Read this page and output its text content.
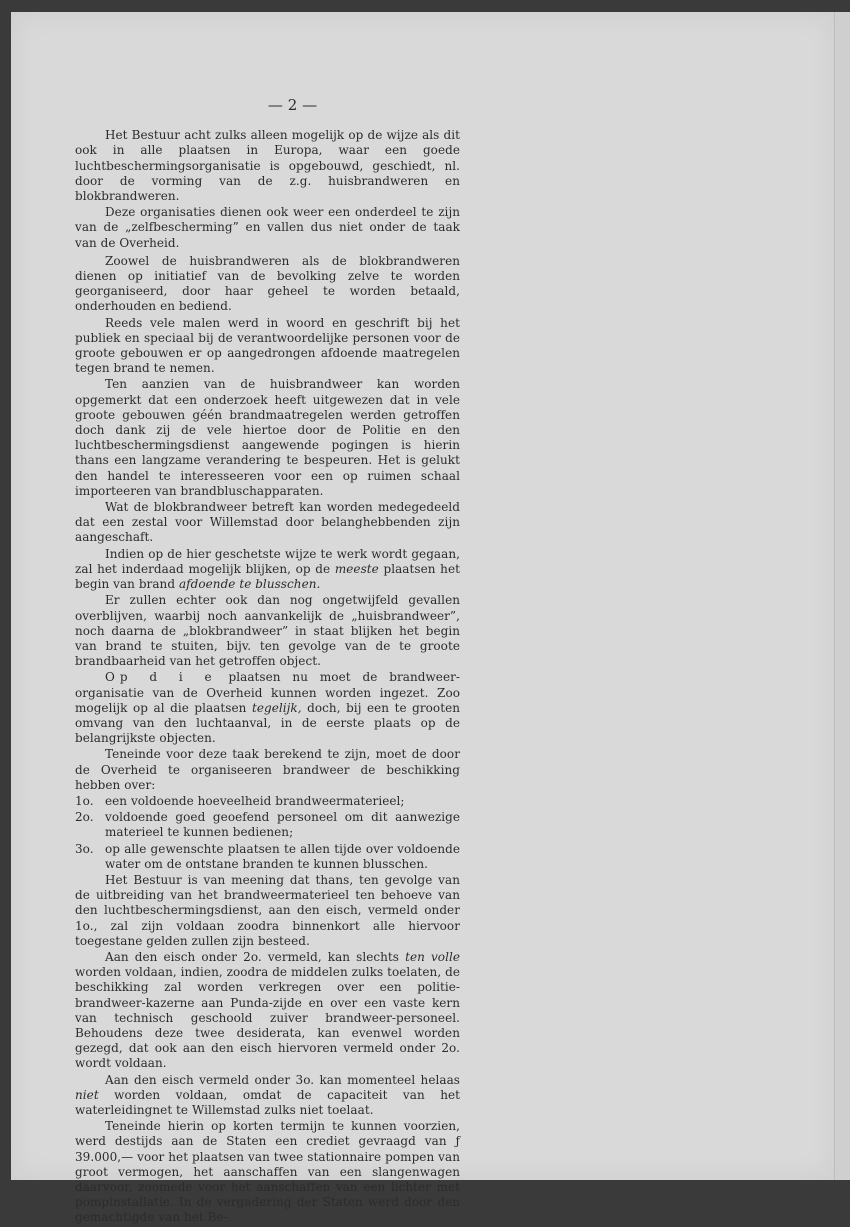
— 2 —

Het Bestuur acht zulks alleen mogelijk op de wijze als dit ook in alle plaatsen in Europa, waar een goede luchtbeschermingsorganisatie is opgebouwd, geschiedt, nl. door de vorming van de z.g. huisbrandweren en blokbrandweren.

Deze organisaties dienen ook weer een onderdeel te zijn van de „zelfbescherming” en vallen dus niet onder de taak van de Overheid.

Zoowel de huisbrandweren als de blokbrandweren dienen op initiatief van de bevolking zelve te worden georganiseerd, door haar geheel te worden betaald, onderhouden en bediend.

Reeds vele malen werd in woord en geschrift bij het publiek en speciaal bij de verantwoordelijke personen voor de groote gebouwen er op aangedrongen afdoende maatregelen tegen brand te nemen.

Ten aanzien van de huisbrandweer kan worden opgemerkt dat een onderzoek heeft uitgewezen dat in vele groote gebouwen géén brandmaatregelen werden getroffen doch dank zij de vele hiertoe door de Politie en den luchtbeschermingsdienst aangewende pogingen is hierin thans een langzame verandering te bespeuren. Het is gelukt den handel te interesseeren voor een op ruimen schaal importeeren van brandbluschapparaten.

Wat de blokbrandweer betreft kan worden medegedeeld dat een zestal voor Willemstad door belanghebbenden zijn aangeschaft.

Indien op de hier geschetste wijze te werk wordt gegaan, zal het inderdaad mogelijk blijken, op de meeste plaatsen het begin van brand afdoende te blusschen.

Er zullen echter ook dan nog ongetwijfeld gevallen overblijven, waarbij noch aanvankelijk de „huisbrandweer”, noch daarna de „blokbrandweer” in staat blijken het begin van brand te stuiten, bijv. ten gevolge van de te groote brandbaarheid van het getroffen object.

Op d i e plaatsen nu moet de brandweer-organisatie van de Overheid kunnen worden ingezet. Zoo mogelijk op al die plaatsen tegelijk, doch, bij een te grooten omvang van den luchtaanval, in de eerste plaats op de belangrijkste objecten.

Teneinde voor deze taak berekend te zijn, moet de door de Overheid te organiseeren brandweer de beschikking hebben over:

1o. een voldoende hoeveelheid brandweermaterieel;
2o. voldoende goed geoefend personeel om dit aanwezige materieel te kunnen bedienen;
3o. op alle gewenschte plaatsen te allen tijde over voldoende water om de ontstane branden te kunnen blusschen.

Het Bestuur is van meening dat thans, ten gevolge van de uitbreiding van het brandweermaterieel ten behoeve van den luchtbeschermingsdienst, aan den eisch, vermeld onder 1o., zal zijn voldaan zoodra binnenkort alle hiervoor toegestane gelden zullen zijn besteed.

Aan den eisch onder 2o. vermeld, kan slechts ten volle worden voldaan, indien, zoodra de middelen zulks toelaten, de beschikking zal worden verkregen over een politie-brandweer-kazerne aan Punda-zijde en over een vaste kern van technisch geschoold zuiver brandweer-personeel. Behoudens deze twee desiderata, kan evenwel worden gezegd, dat ook aan den eisch hiervoren vermeld onder 2o. wordt voldaan.

Aan den eisch vermeld onder 3o. kan momenteel helaas niet worden voldaan, omdat de capaciteit van het waterleidingnet te Willemstad zulks niet toelaat.

Teneinde hierin op korten termijn te kunnen voorzien, werd destijds aan de Staten een crediet gevraagd van ƒ 39.000,— voor het plaatsen van twee stationnaire pompen van groot vermogen, het aanschaffen van een slangenwagen daarvoor, zoomede voor het aanschaffen van een lichter met pompinstallatie. In de vergadering der Staten werd door den gemachtigde van het Be-
